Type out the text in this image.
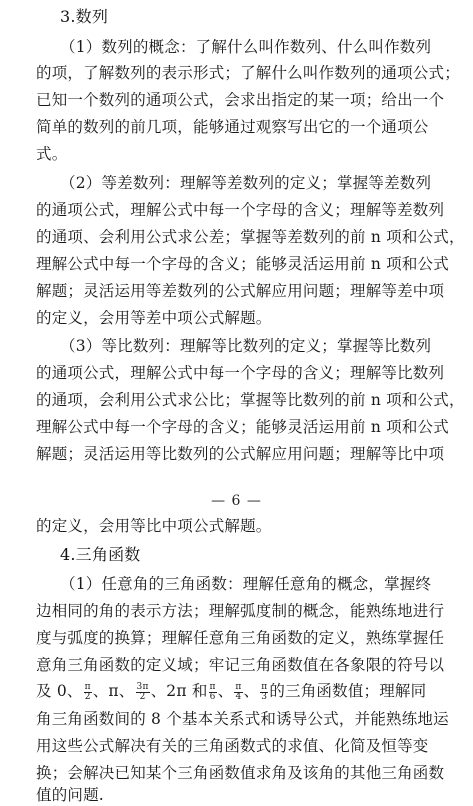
3.数列
（1）数列的概念：了解什么叫作数列、什么叫作数列
的项，了解数列的表示形式；了解什么叫作数列的通项公式；
已知一个数列的通项公式，会求出指定的某一项；给出一个
简单的数列的前几项，能够通过观察写出它的一个通项公
式。
（2）等差数列：理解等差数列的定义；掌握等差数列
的通项公式，理解公式中每一个字母的含义；理解等差数列
的通项、会利用公式求公差；掌握等差数列的前 n 项和公式，
理解公式中每一个字母的含义；能够灵活运用前 n 项和公式
解题；灵活运用等差数列的公式解应用问题；理解等差中项
的定义，会用等差中项公式解题。
（3）等比数列：理解等比数列的定义；掌握等比数列
的通项公式，理解公式中每一个字母的含义；理解等比数列
的通项，会利用公式求公比；掌握等比数列的前 n 项和公式，
理解公式中每一个字母的含义；能够灵活运用前 n 项和公式
解题；灵活运用等比数列的公式解应用问题；理解等比中项
— 6 —
的定义，会用等比中项公式解题。
4.三角函数
（1）任意角的三角函数：理解任意角的概念，掌握终
边相同的角的表示方法；理解弧度制的概念，能熟练地进行
度与弧度的换算；理解任意角三角函数的定义，熟练掌握任
意角三角函数的定义域；牢记三角函数值在各象限的符号以
及 0、 $\frac{\pi}{2}$ 、π、 $\frac{3\pi}{2}$ 、2π 和 $\frac{\pi}{6}$ 、 $\frac{\pi}{4}$ 、 $\frac{\pi}{3}$ 的三角函数值；理解同
角三角函数间的 8 个基本关系式和诱导公式，并能熟练地运
用这些公式解决有关的三角函数式的求值、化简及恒等变
换；会解决已知某个三角函数值求角及该角的其他三角函数
值的问题.
